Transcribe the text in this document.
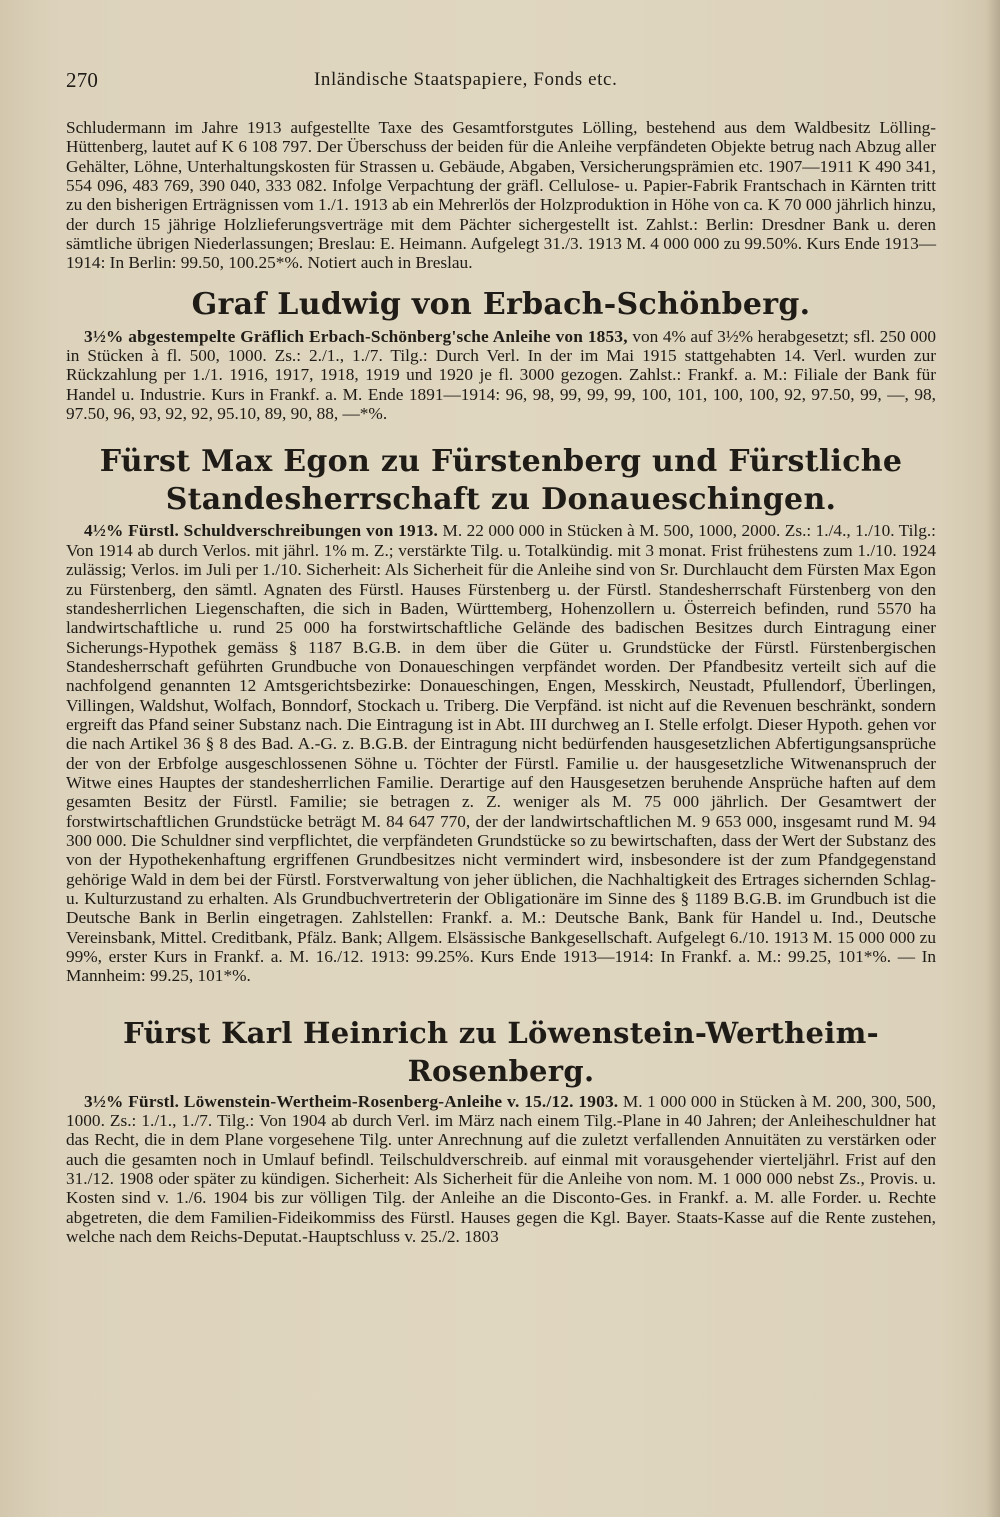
270	Inländische Staatspapiere, Fonds etc.

Schludermann im Jahre 1913 aufgestellte Taxe des Gesamtforstgutes Lölling, bestehend aus dem Waldbesitz Lölling-Hüttenberg, lautet auf K 6 108 797. Der Überschuss der beiden für die Anleihe verpfändeten Objekte betrug nach Abzug aller Gehälter, Löhne, Unterhaltungskosten für Strassen u. Gebäude, Abgaben, Versicherungsprämien etc. 1907—1911 K 490 341, 554 096, 483 769, 390 040, 333 082. Infolge Verpachtung der gräfl. Cellulose- u. Papier-Fabrik Frantschach in Kärnten tritt zu den bisherigen Erträgnissen vom 1./1. 1913 ab ein Mehrerlös der Holzproduktion in Höhe von ca. K 70 000 jährlich hinzu, der durch 15 jährige Holzlieferungsverträge mit dem Pächter sichergestellt ist. Zahlst.: Berlin: Dresdner Bank u. deren sämtliche übrigen Niederlassungen; Breslau: E. Heimann. Aufgelegt 31./3. 1913 M. 4 000 000 zu 99.50%. Kurs Ende 1913—1914: In Berlin: 99.50, 100.25*%. Notiert auch in Breslau.

Graf Ludwig von Erbach-Schönberg.

3½% abgestempelte Gräflich Erbach-Schönberg'sche Anleihe von 1853, von 4% auf 3½% herabgesetzt; sfl. 250 000 in Stücken à fl. 500, 1000. Zs.: 2./1., 1./7. Tilg.: Durch Verl. In der im Mai 1915 stattgehabten 14. Verl. wurden zur Rückzahlung per 1./1. 1916, 1917, 1918, 1919 und 1920 je fl. 3000 gezogen. Zahlst.: Frankf. a. M.: Filiale der Bank für Handel u. Industrie. Kurs in Frankf. a. M. Ende 1891—1914: 96, 98, 99, 99, 99, 100, 101, 100, 100, 92, 97.50, 99, —, 98, 97.50, 96, 93, 92, 92, 95.10, 89, 90, 88, —*%.

Fürst Max Egon zu Fürstenberg und Fürstliche Standesherrschaft zu Donaueschingen.

4½% Fürstl. Schuldverschreibungen von 1913. M. 22 000 000 in Stücken à M. 500, 1000, 2000. Zs.: 1./4., 1./10. Tilg.: Von 1914 ab durch Verlos. mit jährl. 1% m. Z.; verstärkte Tilg. u. Totalkündig. mit 3 monat. Frist frühestens zum 1./10. 1924 zulässig; Verlos. im Juli per 1./10. Sicherheit: Als Sicherheit für die Anleihe sind von Sr. Durchlaucht dem Fürsten Max Egon zu Fürstenberg, den sämtl. Agnaten des Fürstl. Hauses Fürstenberg u. der Fürstl. Standesherrschaft Fürstenberg von den standesherrlichen Liegenschaften, die sich in Baden, Württemberg, Hohenzollern u. Österreich befinden, rund 5570 ha landwirtschaftliche u. rund 25 000 ha forstwirtschaftliche Gelände des badischen Besitzes durch Eintragung einer Sicherungs-Hypothek gemäss § 1187 B.G.B. in dem über die Güter u. Grundstücke der Fürstl. Fürstenbergischen Standesherrschaft geführten Grundbuche von Donaueschingen verpfändet worden. Der Pfandbesitz verteilt sich auf die nachfolgend genannten 12 Amtsgerichtsbezirke: Donaueschingen, Engen, Messkirch, Neustadt, Pfullendorf, Überlingen, Villingen, Waldshut, Wolfach, Bonndorf, Stockach u. Triberg. Die Verpfänd. ist nicht auf die Revenuen beschränkt, sondern ergreift das Pfand seiner Substanz nach. Die Eintragung ist in Abt. III durchweg an I. Stelle erfolgt. Dieser Hypoth. gehen vor die nach Artikel 36 § 8 des Bad. A.-G. z. B.G.B. der Eintragung nicht bedürfenden hausgesetzlichen Abfertigungsansprüche der von der Erbfolge ausgeschlossenen Söhne u. Töchter der Fürstl. Familie u. der hausgesetzliche Witwenanspruch der Witwe eines Hauptes der standesherrlichen Familie. Derartige auf den Hausgesetzen beruhende Ansprüche haften auf dem gesamten Besitz der Fürstl. Familie; sie betragen z. Z. weniger als M. 75 000 jährlich. Der Gesamtwert der forstwirtschaftlichen Grundstücke beträgt M. 84 647 770, der der landwirtschaftlichen M. 9 653 000, insgesamt rund M. 94 300 000. Die Schuldner sind verpflichtet, die verpfändeten Grundstücke so zu bewirtschaften, dass der Wert der Substanz des von der Hypothekenhaftung ergriffenen Grundbesitzes nicht vermindert wird, insbesondere ist der zum Pfandgegenstand gehörige Wald in dem bei der Fürstl. Forstverwaltung von jeher üblichen, die Nachhaltigkeit des Ertrages sichernden Schlag- u. Kulturzustand zu erhalten. Als Grundbuchvertreterin der Obligationäre im Sinne des § 1189 B.G.B. im Grundbuch ist die Deutsche Bank in Berlin eingetragen. Zahlstellen: Frankf. a. M.: Deutsche Bank, Bank für Handel u. Ind., Deutsche Vereinsbank, Mittel. Creditbank, Pfälz. Bank; Allgem. Elsässische Bankgesellschaft. Aufgelegt 6./10. 1913 M. 15 000 000 zu 99%, erster Kurs in Frankf. a. M. 16./12. 1913: 99.25%. Kurs Ende 1913—1914: In Frankf. a. M.: 99.25, 101*%. — In Mannheim: 99.25, 101*%.

Fürst Karl Heinrich zu Löwenstein-Wertheim-Rosenberg.

3½% Fürstl. Löwenstein-Wertheim-Rosenberg-Anleihe v. 15./12. 1903. M. 1 000 000 in Stücken à M. 200, 300, 500, 1000. Zs.: 1./1., 1./7. Tilg.: Von 1904 ab durch Verl. im März nach einem Tilg.-Plane in 40 Jahren; der Anleiheschuldner hat das Recht, die in dem Plane vorgesehene Tilg. unter Anrechnung auf die zuletzt verfallenden Annuitäten zu verstärken oder auch die gesamten noch in Umlauf befindl. Teilschuldverschreib. auf einmal mit vorausgehender vierteljährl. Frist auf den 31./12. 1908 oder später zu kündigen. Sicherheit: Als Sicherheit für die Anleihe von nom. M. 1 000 000 nebst Zs., Provis. u. Kosten sind v. 1./6. 1904 bis zur völligen Tilg. der Anleihe an die Disconto-Ges. in Frankf. a. M. alle Forder. u. Rechte abgetreten, die dem Familien-Fideikommiss des Fürstl. Hauses gegen die Kgl. Bayer. Staats-Kasse auf die Rente zustehen, welche nach dem Reichs-Deputat.-Hauptschluss v. 25./2. 1803
